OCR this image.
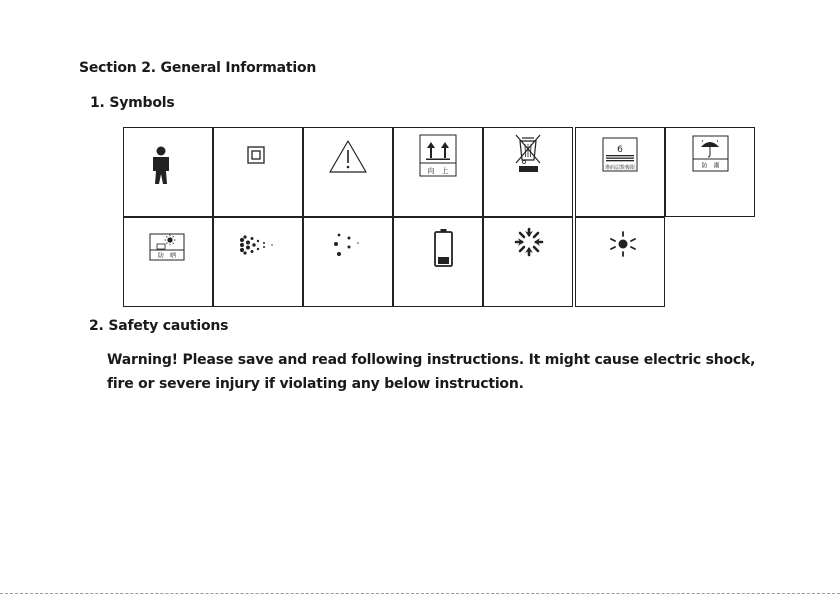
Section 2. General Information
1. Symbols
向　上
6
堆码层数极限	防　潮
防　晒
2. Safety cautions
Warning! Please save and read following instructions. It might cause electric shock,
fire or severe injury if violating any below instruction.
